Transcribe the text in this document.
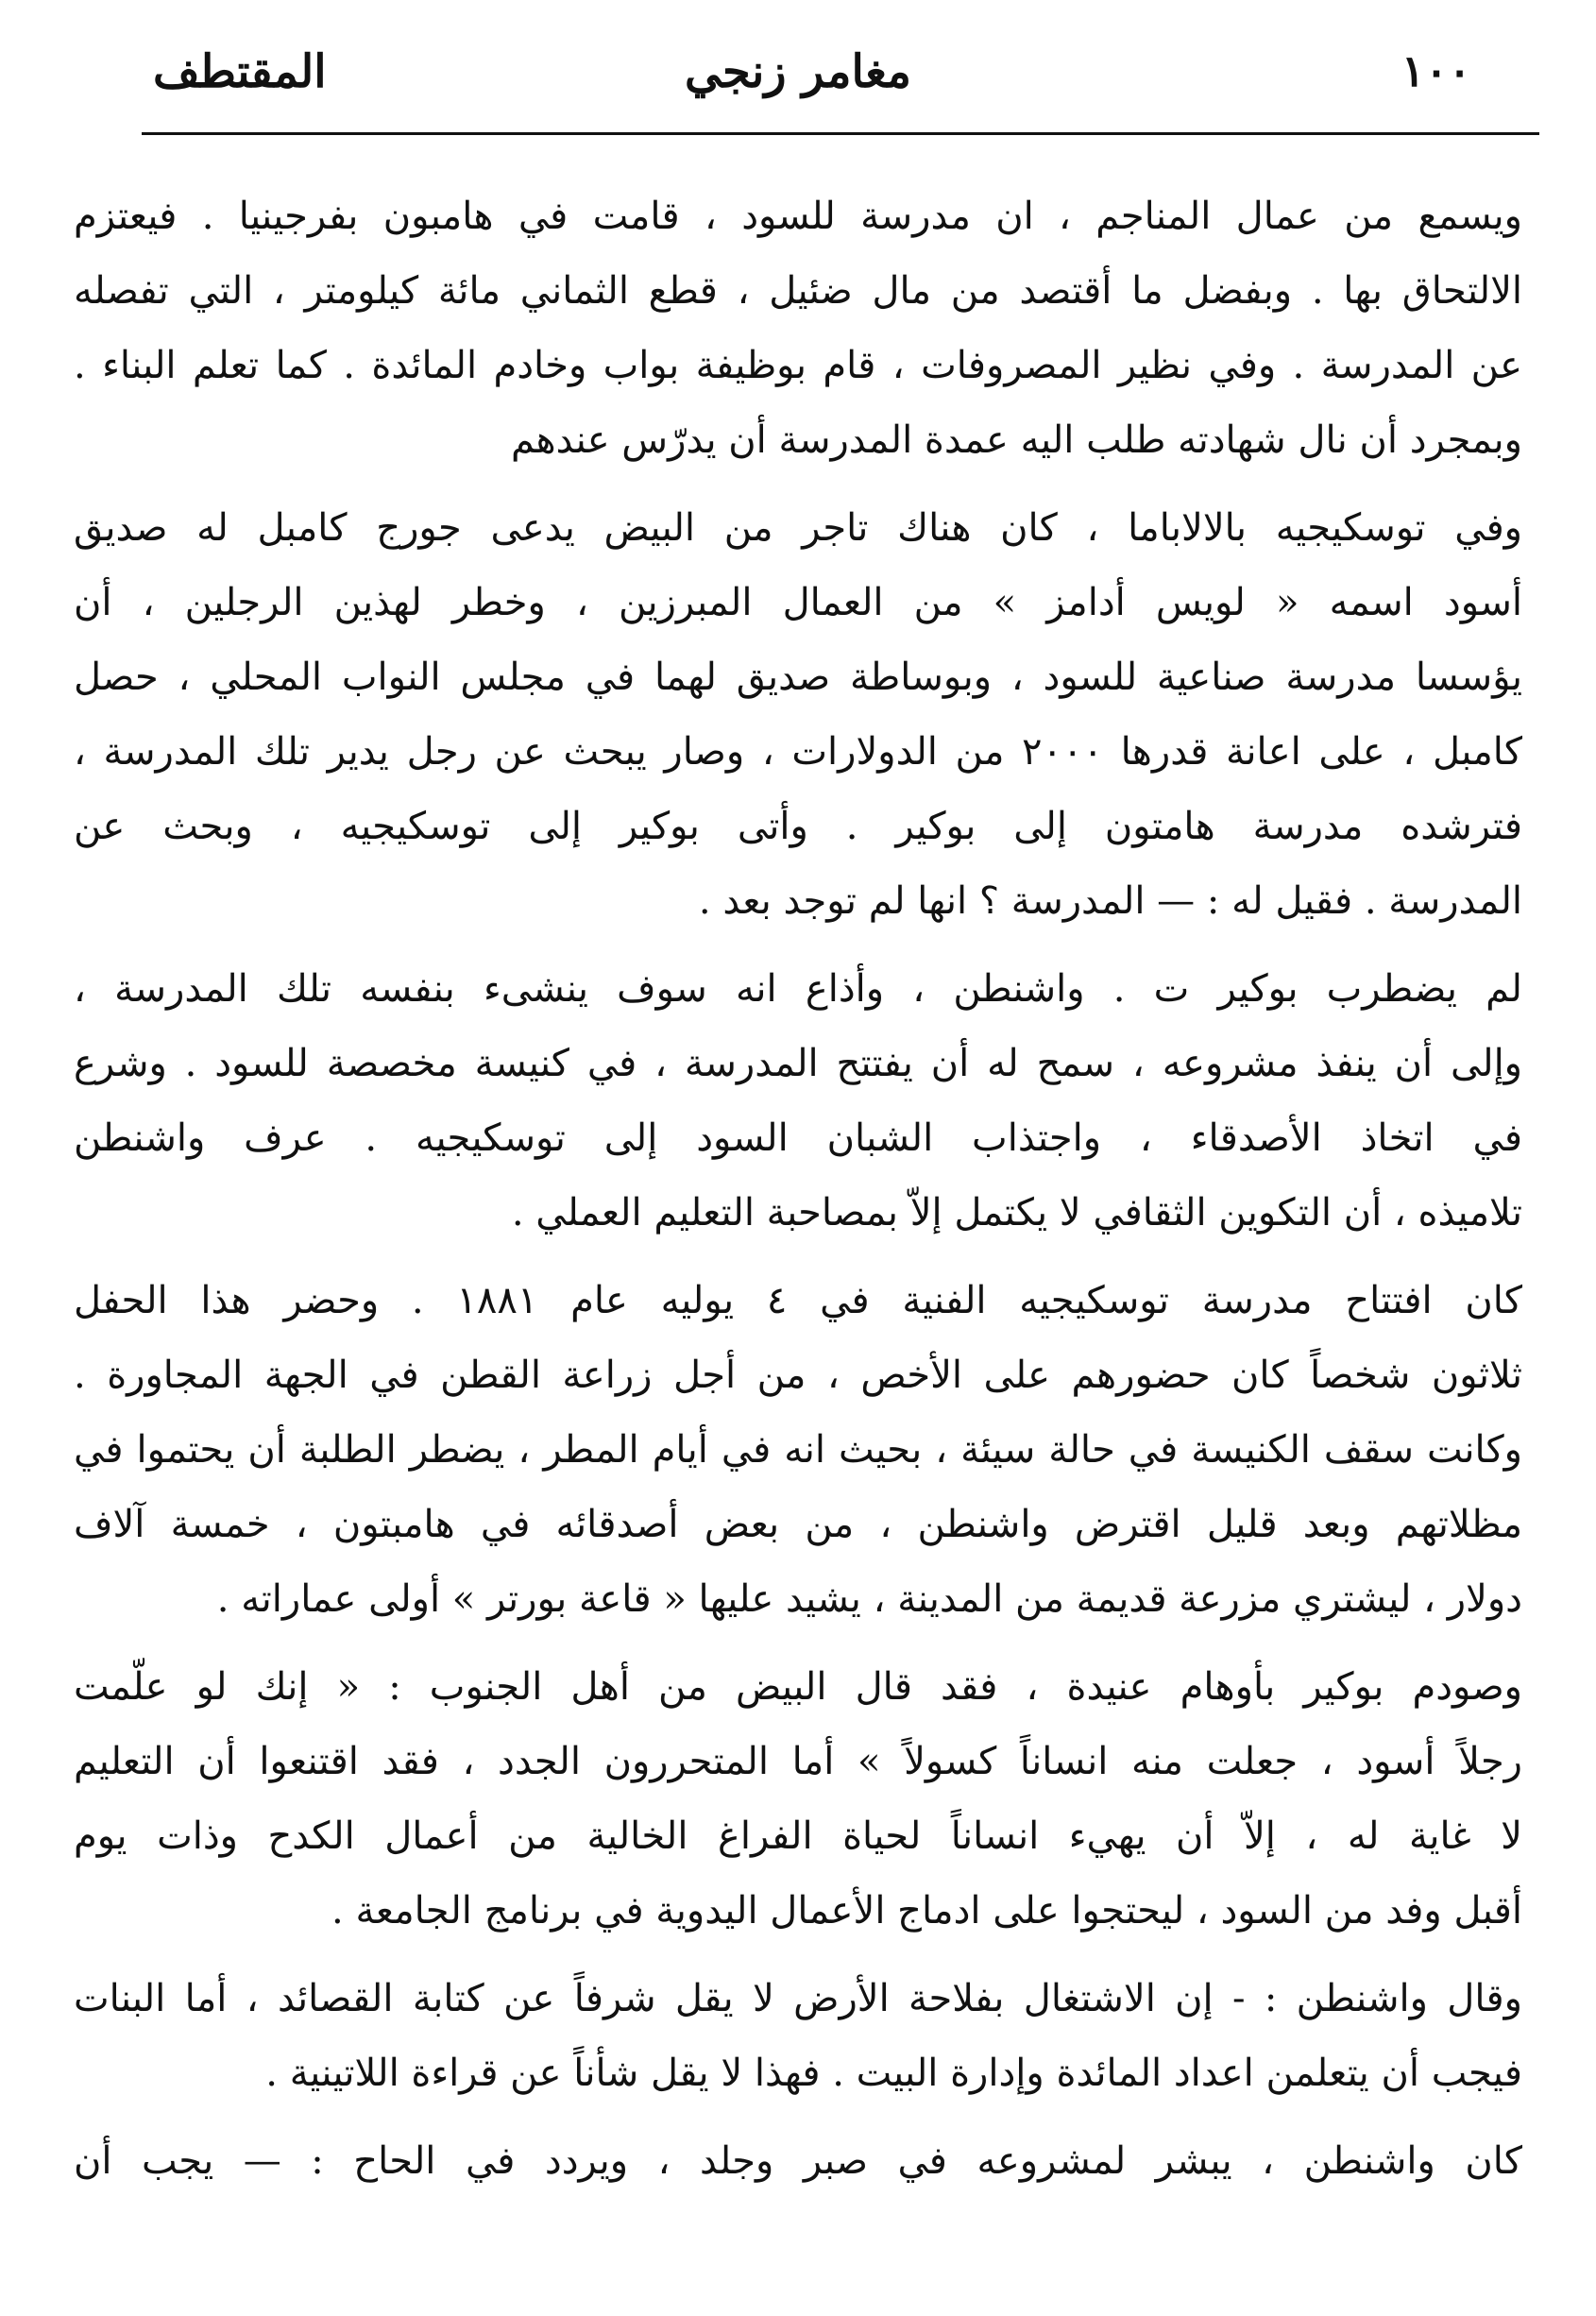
١٠٠
مغامر زنجي
المقتطف
ويسمع من عمال المناجم ، ان مدرسة للسود ، قامت في هامبون بفرجينيا . فيعتزم
الالتحاق بها . وبفضل ما أقتصد من مال ضئيل ، قطع الثماني مائة كيلومتر ، التي تفصله
عن المدرسة . وفي نظير المصروفات ، قام بوظيفة بواب وخادم المائدة . كما تعلم البناء .
وبمجرد أن نال شهادته طلب اليه عمدة المدرسة أن يدرّس عندهم
وفي توسكيجيه بالالاباما ، كان هناك تاجر من البيض يدعى جورج كامبل له صديق
أسود اسمه « لويس أدامز » من العمال المبرزين ، وخطر لهذين الرجلين ، أن
يؤسسا مدرسة صناعية للسود ، وبوساطة صديق لهما في مجلس النواب المحلي ، حصل
كامبل ، على اعانة قدرها ٢٠٠٠ من الدولارات ، وصار يبحث عن رجل يدير تلك المدرسة ،
فترشده مدرسة هامتون إلى بوكير . وأتى بوكير إلى توسكيجيه ، وبحث عن
المدرسة . فقيل له : — المدرسة ؟ انها لم توجد بعد .
لم يضطرب بوكير ت . واشنطن ، وأذاع انه سوف ينشىء بنفسه تلك المدرسة ،
وإلى أن ينفذ مشروعه ، سمح له أن يفتتح المدرسة ، في كنيسة مخصصة للسود . وشرع
في اتخاذ الأصدقاء ، واجتذاب الشبان السود إلى توسكيجيه . عرف واشنطن
تلاميذه ، أن التكوين الثقافي لا يكتمل إلاّ بمصاحبة التعليم العملي .
كان افتتاح مدرسة توسكيجيه الفنية في ٤ يوليه عام ١٨٨١ . وحضر هذا الحفل
ثلاثون شخصاً كان حضورهم على الأخص ، من أجل زراعة القطن في الجهة المجاورة .
وكانت سقف الكنيسة في حالة سيئة ، بحيث انه في أيام المطر ، يضطر الطلبة أن يحتموا في
مظلاتهم وبعد قليل اقترض واشنطن ، من بعض أصدقائه في هامبتون ، خمسة آلاف
دولار ، ليشتري مزرعة قديمة من المدينة ، يشيد عليها « قاعة بورتر » أولى عماراته .
وصودم بوكير بأوهام عنيدة ، فقد قال البيض من أهل الجنوب : « إنك لو علّمت
رجلاً أسود ، جعلت منه انساناً كسولاً » أما المتحررون الجدد ، فقد اقتنعوا أن التعليم
لا غاية له ، إلاّ أن يهيء انساناً لحياة الفراغ الخالية من أعمال الكدح وذات يوم
أقبل وفد من السود ، ليحتجوا على ادماج الأعمال اليدوية في برنامج الجامعة .
وقال واشنطن : - إن الاشتغال بفلاحة الأرض لا يقل شرفاً عن كتابة القصائد ، أما البنات
فيجب أن يتعلمن اعداد المائدة وإدارة البيت . فهذا لا يقل شأناً عن قراءة اللاتينية .
كان واشنطن ، يبشر لمشروعه في صبر وجلد ، ويردد في الحاح : — يجب أن
